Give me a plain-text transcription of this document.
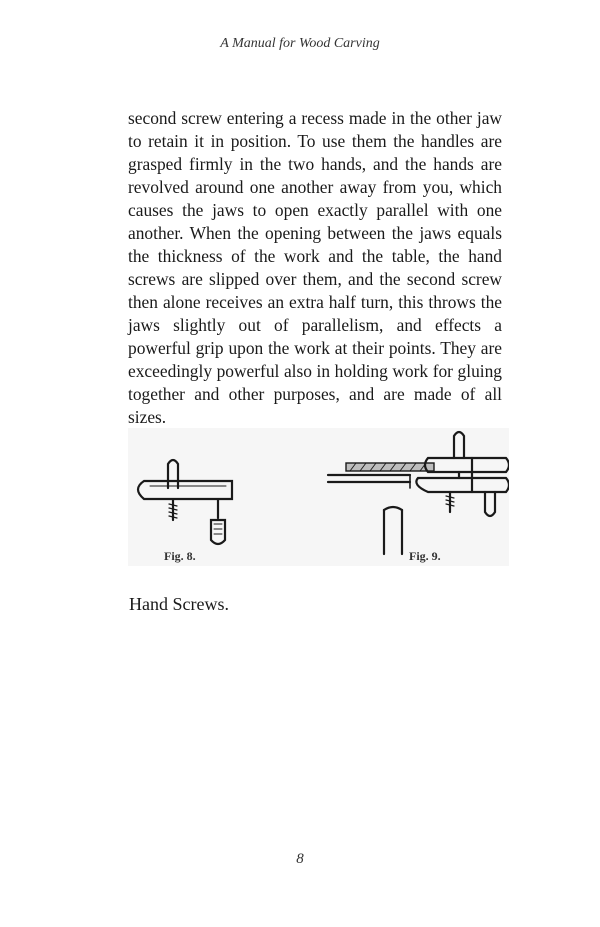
A Manual for Wood Carving

second screw entering a recess made in the other jaw to retain it in position. To use them the handles are grasped firmly in the two hands, and the hands are revolved around one another away from you, which causes the jaws to open exactly parallel with one another. When the opening between the jaws equals the thickness of the work and the table, the hand screws are slipped over them, and the second screw then alone receives an extra half turn, this throws the jaws slightly out of parallelism, and effects a powerful grip upon the work at their points. They are exceedingly powerful also in holding work for gluing together and other purposes, and are made of all sizes.

Fig. 8.	Fig. 9.
Hand Screws.
8
